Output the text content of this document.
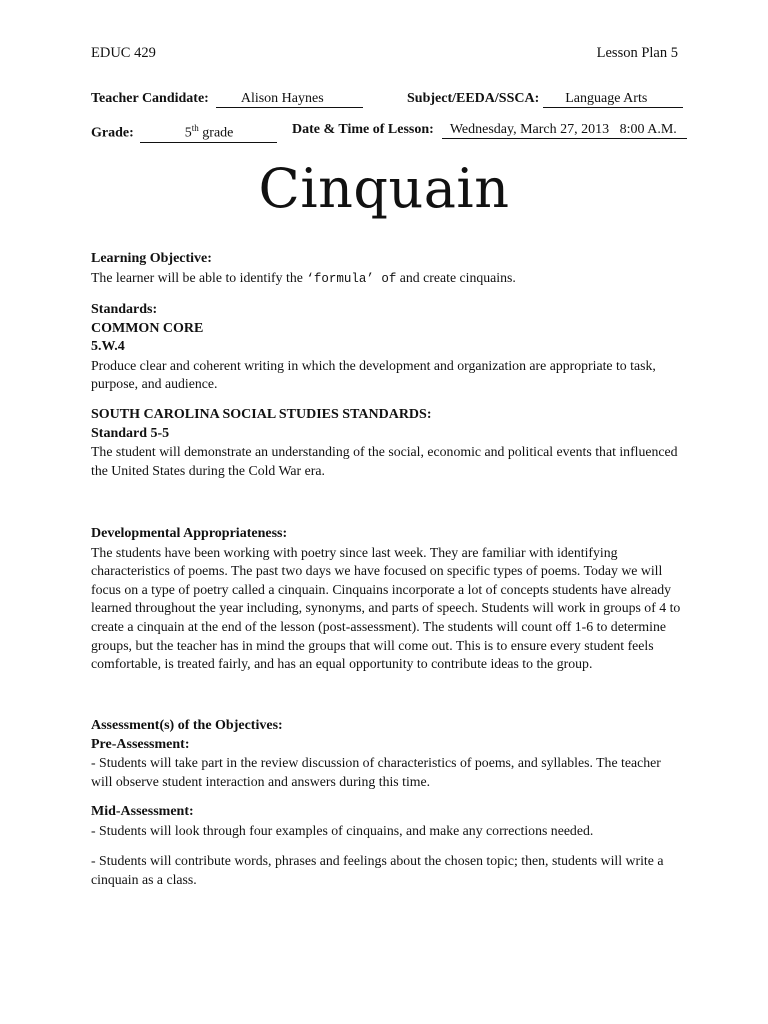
EDUC 429	Lesson Plan 5
Teacher Candidate: Alison Haynes	Subject/EEDA/SSCA: Language Arts
Grade:	5th grade	Date & Time of Lesson: Wednesday, March 27, 2013   8:00 A.M.
Cinquain
Learning Objective:

The learner will be able to identify the ‘formula’ of and create cinquains.

Standards:
COMMON CORE
5.W.4

Produce clear and coherent writing in which the development and organization are appropriate to task, purpose, and audience.

SOUTH CAROLINA SOCIAL STUDIES STANDARDS:
Standard 5-5

The student will demonstrate an understanding of the social, economic and political events that influenced the United States during the Cold War era.

Developmental Appropriateness:

The students have been working with poetry since last week. They are familiar with identifying characteristics of poems. The past two days we have focused on specific types of poems. Today we will focus on a type of poetry called a cinquain. Cinquains incorporate a lot of concepts students have already learned throughout the year including, synonyms, and parts of speech. Students will work in groups of 4 to create a cinquain at the end of the lesson (post-assessment). The students will count off 1-6 to determine groups, but the teacher has in mind the groups that will come out. This is to ensure every student feels comfortable, is treated fairly, and has an equal opportunity to contribute ideas to the group.

Assessment(s) of the Objectives:
Pre-Assessment:

- Students will take part in the review discussion of characteristics of poems, and syllables. The teacher will observe student interaction and answers during this time.

Mid-Assessment:

- Students will look through four examples of cinquains, and make any corrections needed.

- Students will contribute words, phrases and feelings about the chosen topic; then, students will write a cinquain as a class.
